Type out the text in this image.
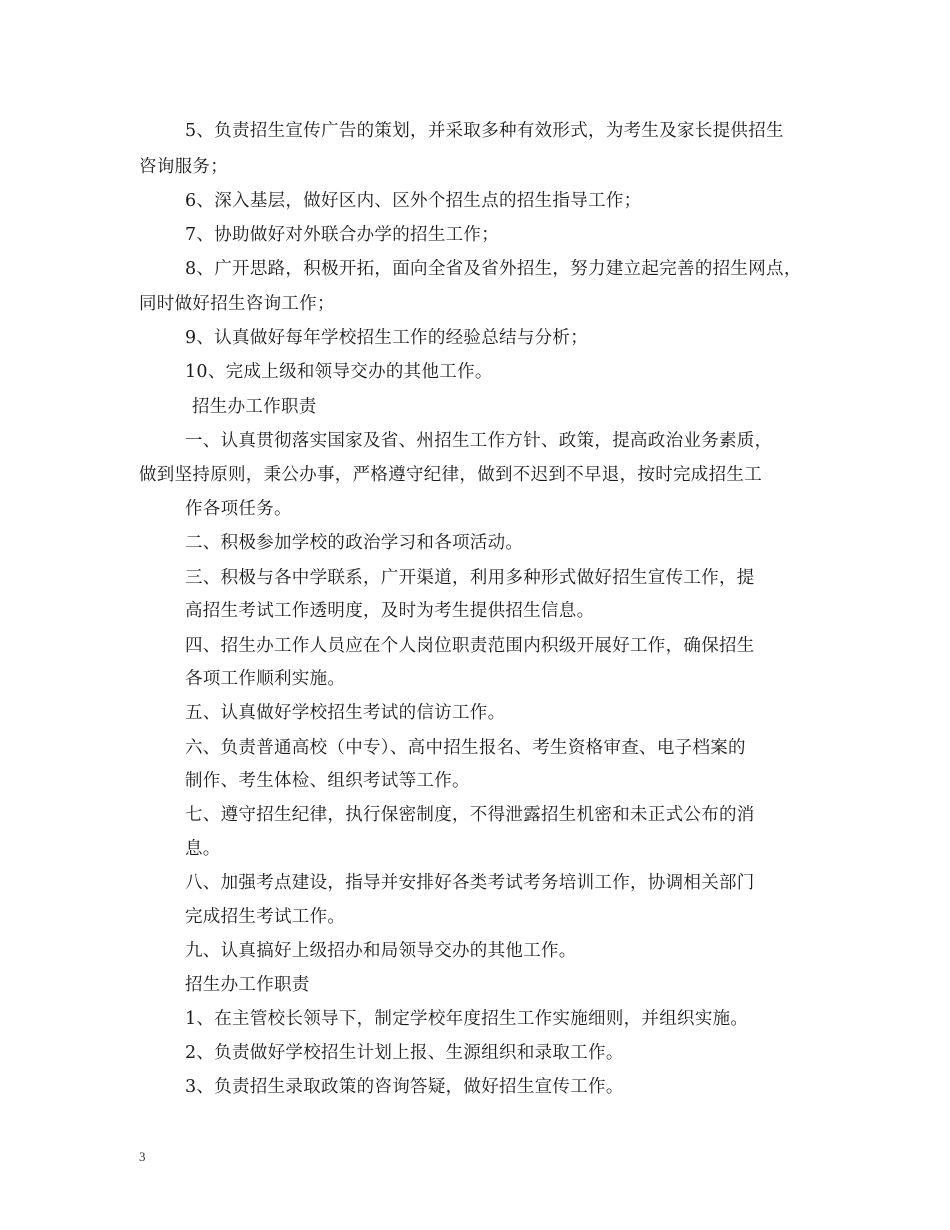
5、负责招生宣传广告的策划，并采取多种有效形式，为考生及家长提供招生

咨询服务；

6、深入基层，做好区内、区外个招生点的招生指导工作；

7、协助做好对外联合办学的招生工作；

8、广开思路，积极开拓，面向全省及省外招生，努力建立起完善的招生网点，

同时做好招生咨询工作；

9、认真做好每年学校招生工作的经验总结与分析；

10、完成上级和领导交办的其他工作。

招生办工作职责

一、认真贯彻落实国家及省、州招生工作方针、政策，提高政治业务素质，

做到坚持原则，秉公办事，严格遵守纪律，做到不迟到不早退，按时完成招生工

作各项任务。

二、积极参加学校的政治学习和各项活动。

三、积极与各中学联系，广开渠道，利用多种形式做好招生宣传工作，提

高招生考试工作透明度，及时为考生提供招生信息。

四、招生办工作人员应在个人岗位职责范围内积级开展好工作，确保招生

各项工作顺利实施。

五、认真做好学校招生考试的信访工作。

六、负责普通高校（中专）、高中招生报名、考生资格审查、电子档案的

制作、考生体检、组织考试等工作。

七、遵守招生纪律，执行保密制度，不得泄露招生机密和未正式公布的消

息。

八、加强考点建设，指导并安排好各类考试考务培训工作，协调相关部门

完成招生考试工作。

九、认真搞好上级招办和局领导交办的其他工作。

招生办工作职责

1、在主管校长领导下，制定学校年度招生工作实施细则，并组织实施。

2、负责做好学校招生计划上报、生源组织和录取工作。

3、负责招生录取政策的咨询答疑，做好招生宣传工作。

3
